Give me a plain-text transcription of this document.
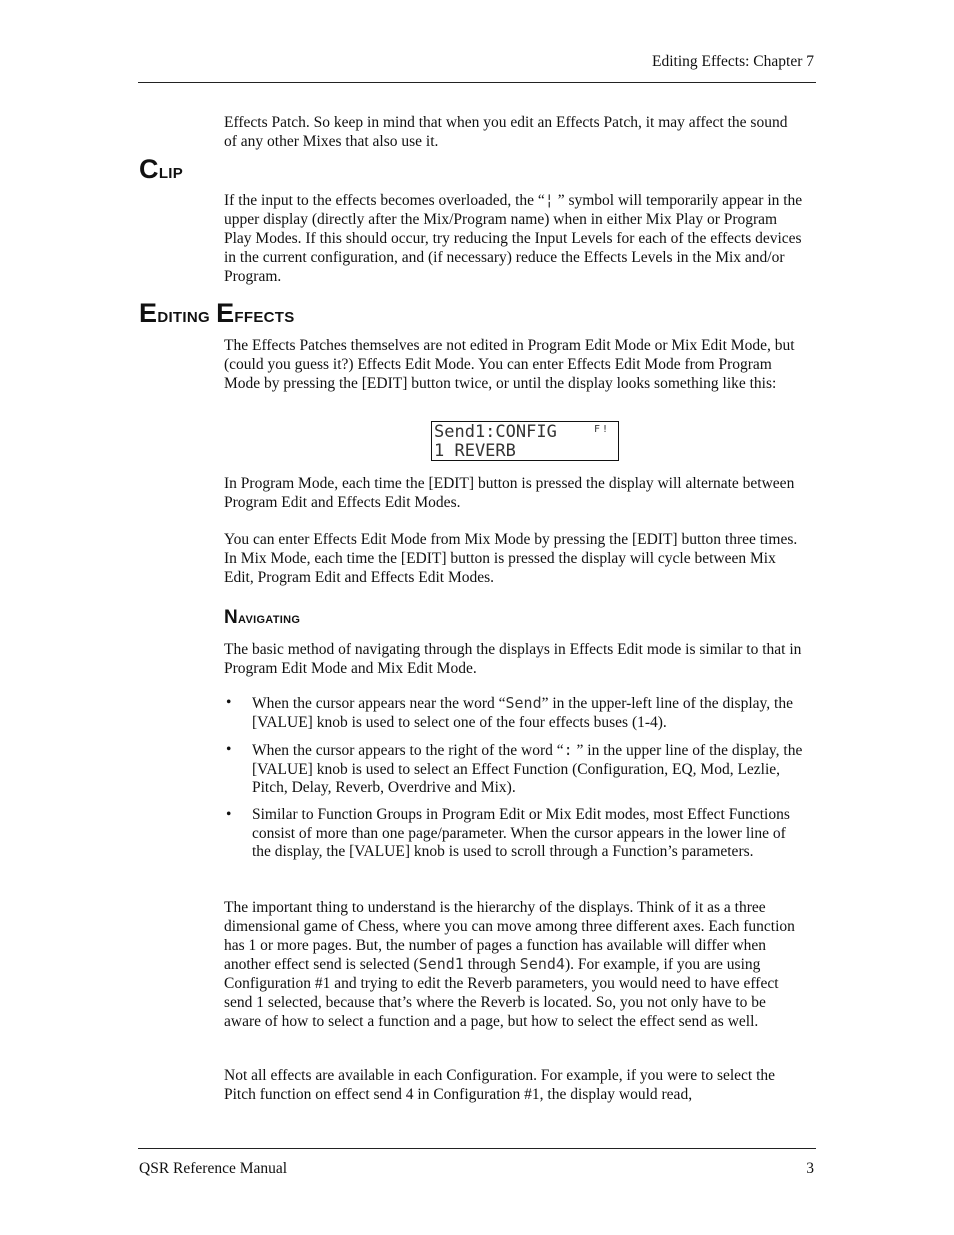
Editing Effects: Chapter 7

Effects Patch. So keep in mind that when you edit an Effects Patch, it may affect the sound of any other Mixes that also use it.

Clip

If the input to the effects becomes overloaded, the “¦ ” symbol will temporarily appear in the upper display (directly after the Mix/Program name) when in either Mix Play or Program Play Modes. If this should occur, try reducing the Input Levels for each of the effects devices in the current configuration, and (if necessary) reduce the Effects Levels in the Mix and/or Program.

Editing Effects

The Effects Patches themselves are not edited in Program Edit Mode or Mix Edit Mode, but (could you guess it?) Effects Edit Mode. You can enter Effects Edit Mode from Program Mode by pressing the [EDIT] button twice, or until the display looks something like this:

Send1:CONFIG	F!
1 REVERB

In Program Mode, each time the [EDIT] button is pressed the display will alternate between Program Edit and Effects Edit Modes.

You can enter Effects Edit Mode from Mix Mode by pressing the [EDIT] button three times. In Mix Mode, each time the [EDIT] button is pressed the display will cycle between Mix Edit, Program Edit and Effects Edit Modes.

Navigating

The basic method of navigating through the displays in Effects Edit mode is similar to that in Program Edit Mode and Mix Edit Mode.

• When the cursor appears near the word “Send” in the upper-left line of the display, the [VALUE] knob is used to select one of the four effects buses (1-4).
• When the cursor appears to the right of the word “: ” in the upper line of the display, the [VALUE] knob is used to select an Effect Function (Configuration, EQ, Mod, Lezlie, Pitch, Delay, Reverb, Overdrive and Mix).
• Similar to Function Groups in Program Edit or Mix Edit modes, most Effect Functions consist of more than one page/parameter. When the cursor appears in the lower line of the display, the [VALUE] knob is used to scroll through a Function’s parameters.

The important thing to understand is the hierarchy of the displays. Think of it as a three dimensional game of Chess, where you can move among three different axes. Each function has 1 or more pages. But, the number of pages a function has available will differ when another effect send is selected (Send1 through Send4). For example, if you are using Configuration #1 and trying to edit the Reverb parameters, you would need to have effect send 1 selected, because that’s where the Reverb is located. So, you not only have to be aware of how to select a function and a page, but how to select the effect send as well.

Not all effects are available in each Configuration. For example, if you were to select the Pitch function on effect send 4 in Configuration #1, the display would read,

QSR Reference Manual	3
